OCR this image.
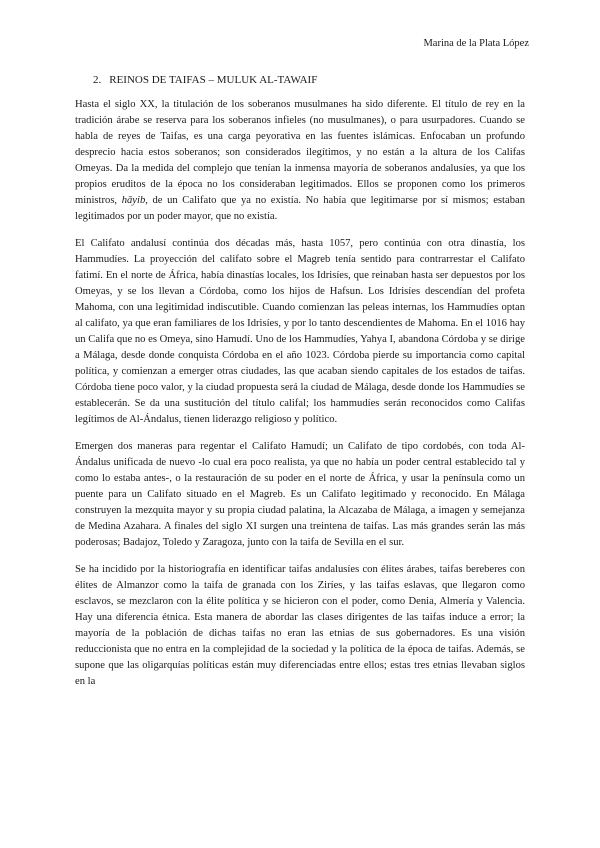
Marina de la Plata López
2. REINOS DE TAIFAS – MULUK AL-TAWAIF

Hasta el siglo XX, la titulación de los soberanos musulmanes ha sido diferente. El título de rey en la tradición árabe se reserva para los soberanos infieles (no musulmanes), o para usurpadores. Cuando se habla de reyes de Taifas, es una carga peyorativa en las fuentes islámicas. Enfocaban un profundo desprecio hacia estos soberanos; son considerados ilegítimos, y no están a la altura de los Califas Omeyas. Da la medida del complejo que tenían la inmensa mayoría de soberanos andalusíes, ya que los propios eruditos de la época no los consideraban legitimados. Ellos se proponen como los primeros ministros, hāyib, de un Califato que ya no existía. No había que legitimarse por sí mismos; estaban legitimados por un poder mayor, que no existía.

El Califato andalusí continúa dos décadas más, hasta 1057, pero continúa con otra dinastía, los Hammudíes. La proyección del califato sobre el Magreb tenía sentido para contrarrestar el Califato fatimí. En el norte de África, había dinastías locales, los Idrisíes, que reinaban hasta ser depuestos por los Omeyas, y se los llevan a Córdoba, como los hijos de Hafsun. Los Idrisíes descendían del profeta Mahoma, con una legitimidad indiscutible. Cuando comienzan las peleas internas, los Hammudíes optan al califato, ya que eran familiares de los Idrisíes, y por lo tanto descendientes de Mahoma. En el 1016 hay un Califa que no es Omeya, sino Hamudí. Uno de los Hammudíes, Yahya I, abandona Córdoba y se dirige a Málaga, desde donde conquista Córdoba en el año 1023. Córdoba pierde su importancia como capital política, y comienzan a emerger otras ciudades, las que acaban siendo capitales de los estados de taifas. Córdoba tiene poco valor, y la ciudad propuesta será la ciudad de Málaga, desde donde los Hammudíes se establecerán. Se da una sustitución del título califal; los hammudíes serán reconocidos como Califas legítimos de Al-Ándalus, tienen liderazgo religioso y político.

Emergen dos maneras para regentar el Califato Hamudí; un Califato de tipo cordobés, con toda Al-Ándalus unificada de nuevo -lo cual era poco realista, ya que no había un poder central establecido tal y como lo estaba antes-, o la restauración de su poder en el norte de África, y usar la península como un puente para un Califato situado en el Magreb. Es un Califato legitimado y reconocido. En Málaga construyen la mezquita mayor y su propia ciudad palatina, la Alcazaba de Málaga, a imagen y semejanza de Medina Azahara. A finales del siglo XI surgen una treintena de taifas. Las más grandes serán las más poderosas; Badajoz, Toledo y Zaragoza, junto con la taifa de Sevilla en el sur.

Se ha incidido por la historiografía en identificar taifas andalusíes con élites árabes, taifas bereberes con élites de Almanzor como la taifa de granada con los Ziríes, y las taifas eslavas, que llegaron como esclavos, se mezclaron con la élite política y se hicieron con el poder, como Denia, Almería y Valencia. Hay una diferencia étnica. Esta manera de abordar las clases dirigentes de las taifas induce a error; la mayoría de la población de dichas taifas no eran las etnias de sus gobernadores. Es una visión reduccionista que no entra en la complejidad de la sociedad y la política de la época de taifas. Además, se supone que las oligarquías políticas están muy diferenciadas entre ellos; estas tres etnias llevaban siglos en la
